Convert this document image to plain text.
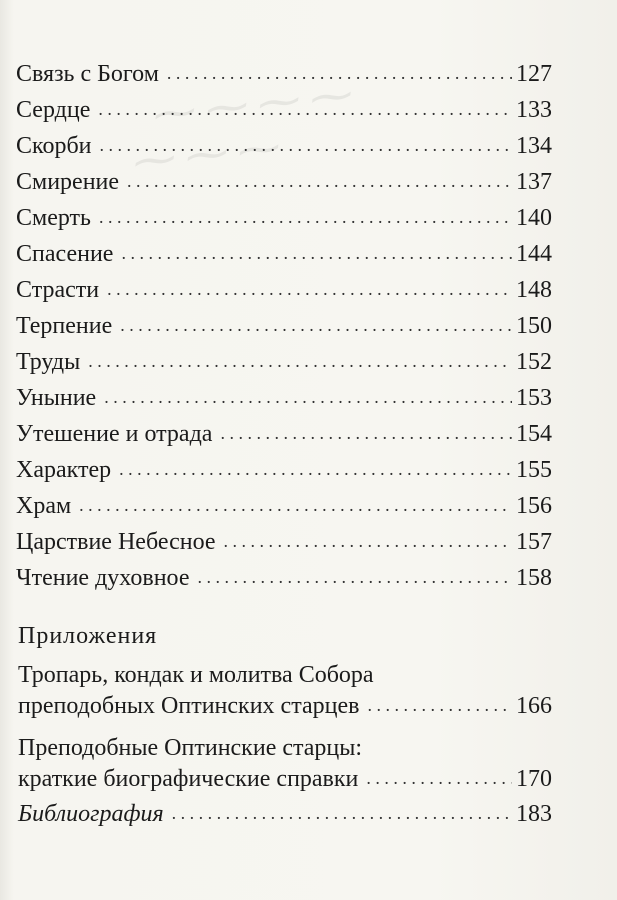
⁓ ⁓ ⁓ ⁓
⁓ ⁓ ⁓
Связь с Богом . . .	127
Сердце . . .	133
Скорби . . .	134
Смирение . . .	137
Смерть . . .	140
Спасение . . .	144
Страсти . . .	148
Терпение . . .	150
Труды . . .	152
Уныние . . .	153
Утешение и отрада . . .	154
Характер . . .	155
Храм . . .	156
Царствие Небесное . . .	157
Чтение духовное . . .	158
Приложения
Тропарь, кондак и молитва Собора
преподобных Оптинских старцев . . .	166
Преподобные Оптинские старцы:
краткие биографические справки . . .	170
Библиография . . .	183
